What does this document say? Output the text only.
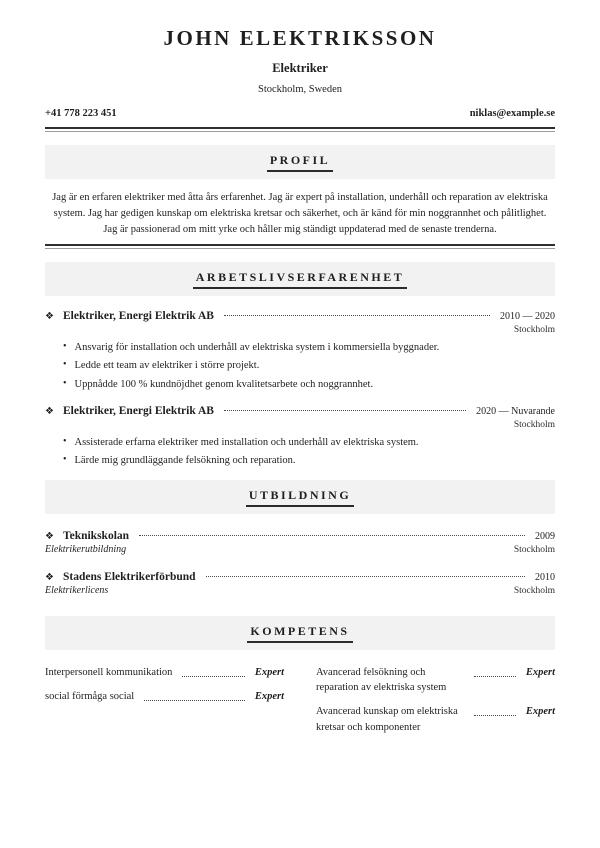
JOHN ELEKTRIKSSON
Elektriker
Stockholm, Sweden
+41 778 223 451	niklas@example.se
PROFIL
Jag är en erfaren elektriker med åtta års erfarenhet. Jag är expert på installation, underhåll och reparation av elektriska system. Jag har gedigen kunskap om elektriska kretsar och säkerhet, och är känd för min noggrannhet och pålitlighet. Jag är passionerad om mitt yrke och håller mig ständigt uppdaterad med de senaste trenderna.
ARBETSLIVSERFARENHET
❖ Elektriker, Energi Elektrik AB	2010 — 2020
Stockholm
• Ansvarig för installation och underhåll av elektriska system i kommersiella byggnader.
• Ledde ett team av elektriker i större projekt.
• Uppnådde 100 % kundnöjdhet genom kvalitetsarbete och noggrannhet.
❖ Elektriker, Energi Elektrik AB	2020 — Nuvarande
Stockholm
• Assisterade erfarna elektriker med installation och underhåll av elektriska system.
• Lärde mig grundläggande felsökning och reparation.
UTBILDNING
❖ Teknikskolan	2009
Elektrikerutbildning	Stockholm
❖ Stadens Elektrikerförbund	2010
Elektrikerlicens	Stockholm
KOMPETENS
Interpersonell kommunikation	Expert
social förmåga social	Expert
Avancerad felsökning och reparation av elektriska system
Expert
Avancerad kunskap om elektriska kretsar och komponenter
Expert
